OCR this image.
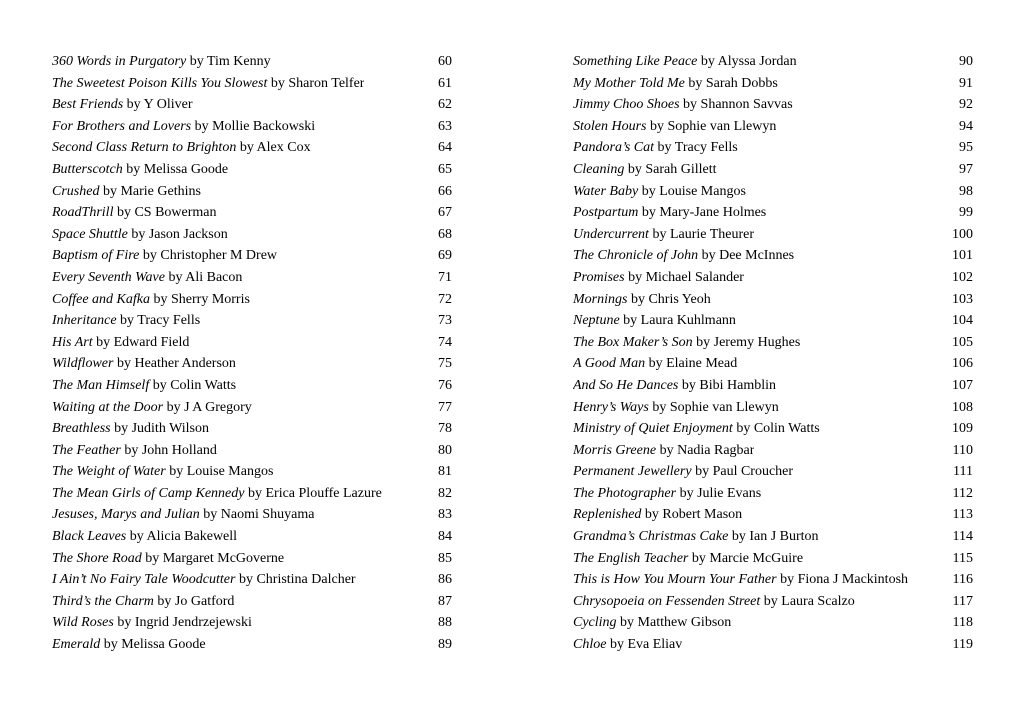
360 Words in Purgatory by Tim Kenny	60
The Sweetest Poison Kills You Slowest by Sharon Telfer	61
Best Friends by Y Oliver	62
For Brothers and Lovers by Mollie Backowski	63
Second Class Return to Brighton by Alex Cox	64
Butterscotch by Melissa Goode	65
Crushed by Marie Gethins	66
RoadThrill by CS Bowerman	67
Space Shuttle by Jason Jackson	68
Baptism of Fire by Christopher M Drew	69
Every Seventh Wave by Ali Bacon	71
Coffee and Kafka by Sherry Morris	72
Inheritance by Tracy Fells	73
His Art by Edward Field	74
Wildflower by Heather Anderson	75
The Man Himself by Colin Watts	76
Waiting at the Door by J A Gregory	77
Breathless by Judith Wilson	78
The Feather by John Holland	80
The Weight of Water by Louise Mangos	81
The Mean Girls of Camp Kennedy by Erica Plouffe Lazure	82
Jesuses, Marys and Julian by Naomi Shuyama	83
Black Leaves by Alicia Bakewell	84
The Shore Road by Margaret McGoverne	85
I Ain’t No Fairy Tale Woodcutter by Christina Dalcher	86
Third’s the Charm by Jo Gatford	87
Wild Roses by Ingrid Jendrzejewski	88
Emerald by Melissa Goode	89
Something Like Peace by Alyssa Jordan	90
My Mother Told Me by Sarah Dobbs	91
Jimmy Choo Shoes by Shannon Savvas	92
Stolen Hours by Sophie van Llewyn	94
Pandora’s Cat by Tracy Fells	95
Cleaning by Sarah Gillett	97
Water Baby by Louise Mangos	98
Postpartum by Mary-Jane Holmes	99
Undercurrent by Laurie Theurer	100
The Chronicle of John by Dee McInnes	101
Promises by Michael Salander	102
Mornings by Chris Yeoh	103
Neptune by Laura Kuhlmann	104
The Box Maker’s Son by Jeremy Hughes	105
A Good Man by Elaine Mead	106
And So He Dances by Bibi Hamblin	107
Henry’s Ways by Sophie van Llewyn	108
Ministry of Quiet Enjoyment by Colin Watts	109
Morris Greene by Nadia Ragbar	110
Permanent Jewellery by Paul Croucher	111
The Photographer by Julie Evans	112
Replenished by Robert Mason	113
Grandma’s Christmas Cake by Ian J Burton	114
The English Teacher by Marcie McGuire	115
This is How You Mourn Your Father by Fiona J Mackintosh	116
Chrysopoeia on Fessenden Street by Laura Scalzo	117
Cycling by Matthew Gibson	118
Chloe by Eva Eliav	119
